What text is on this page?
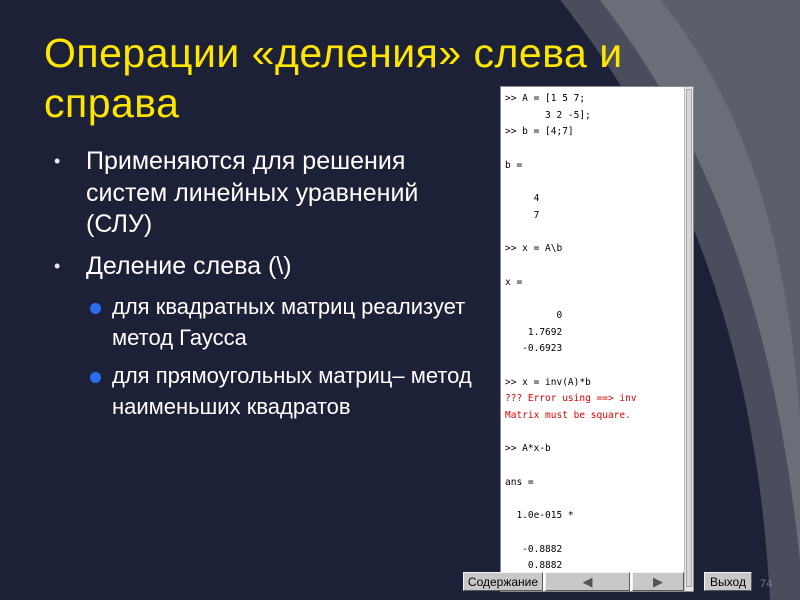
Операции «деления» слева и справа
• Применяются для решения систем линейных уравнений (СЛУ)
• Деление слева (\)
для квадратных матриц реализует метод Гаусса
для прямоугольных матриц– метод наименьших квадратов
>> A = [1 5 7;
3 2 -5];
>> b = [4;7]
b =
4
7
>> x = A\b
x =
0
1.7692
-0.6923
>> x = inv(A)*b
??? Error using ==> inv
Matrix must be square.
>> A*x-b
ans =
1.0e-015 *
-0.8882
0.8882
Содержание	◀	▶	Выход 74
